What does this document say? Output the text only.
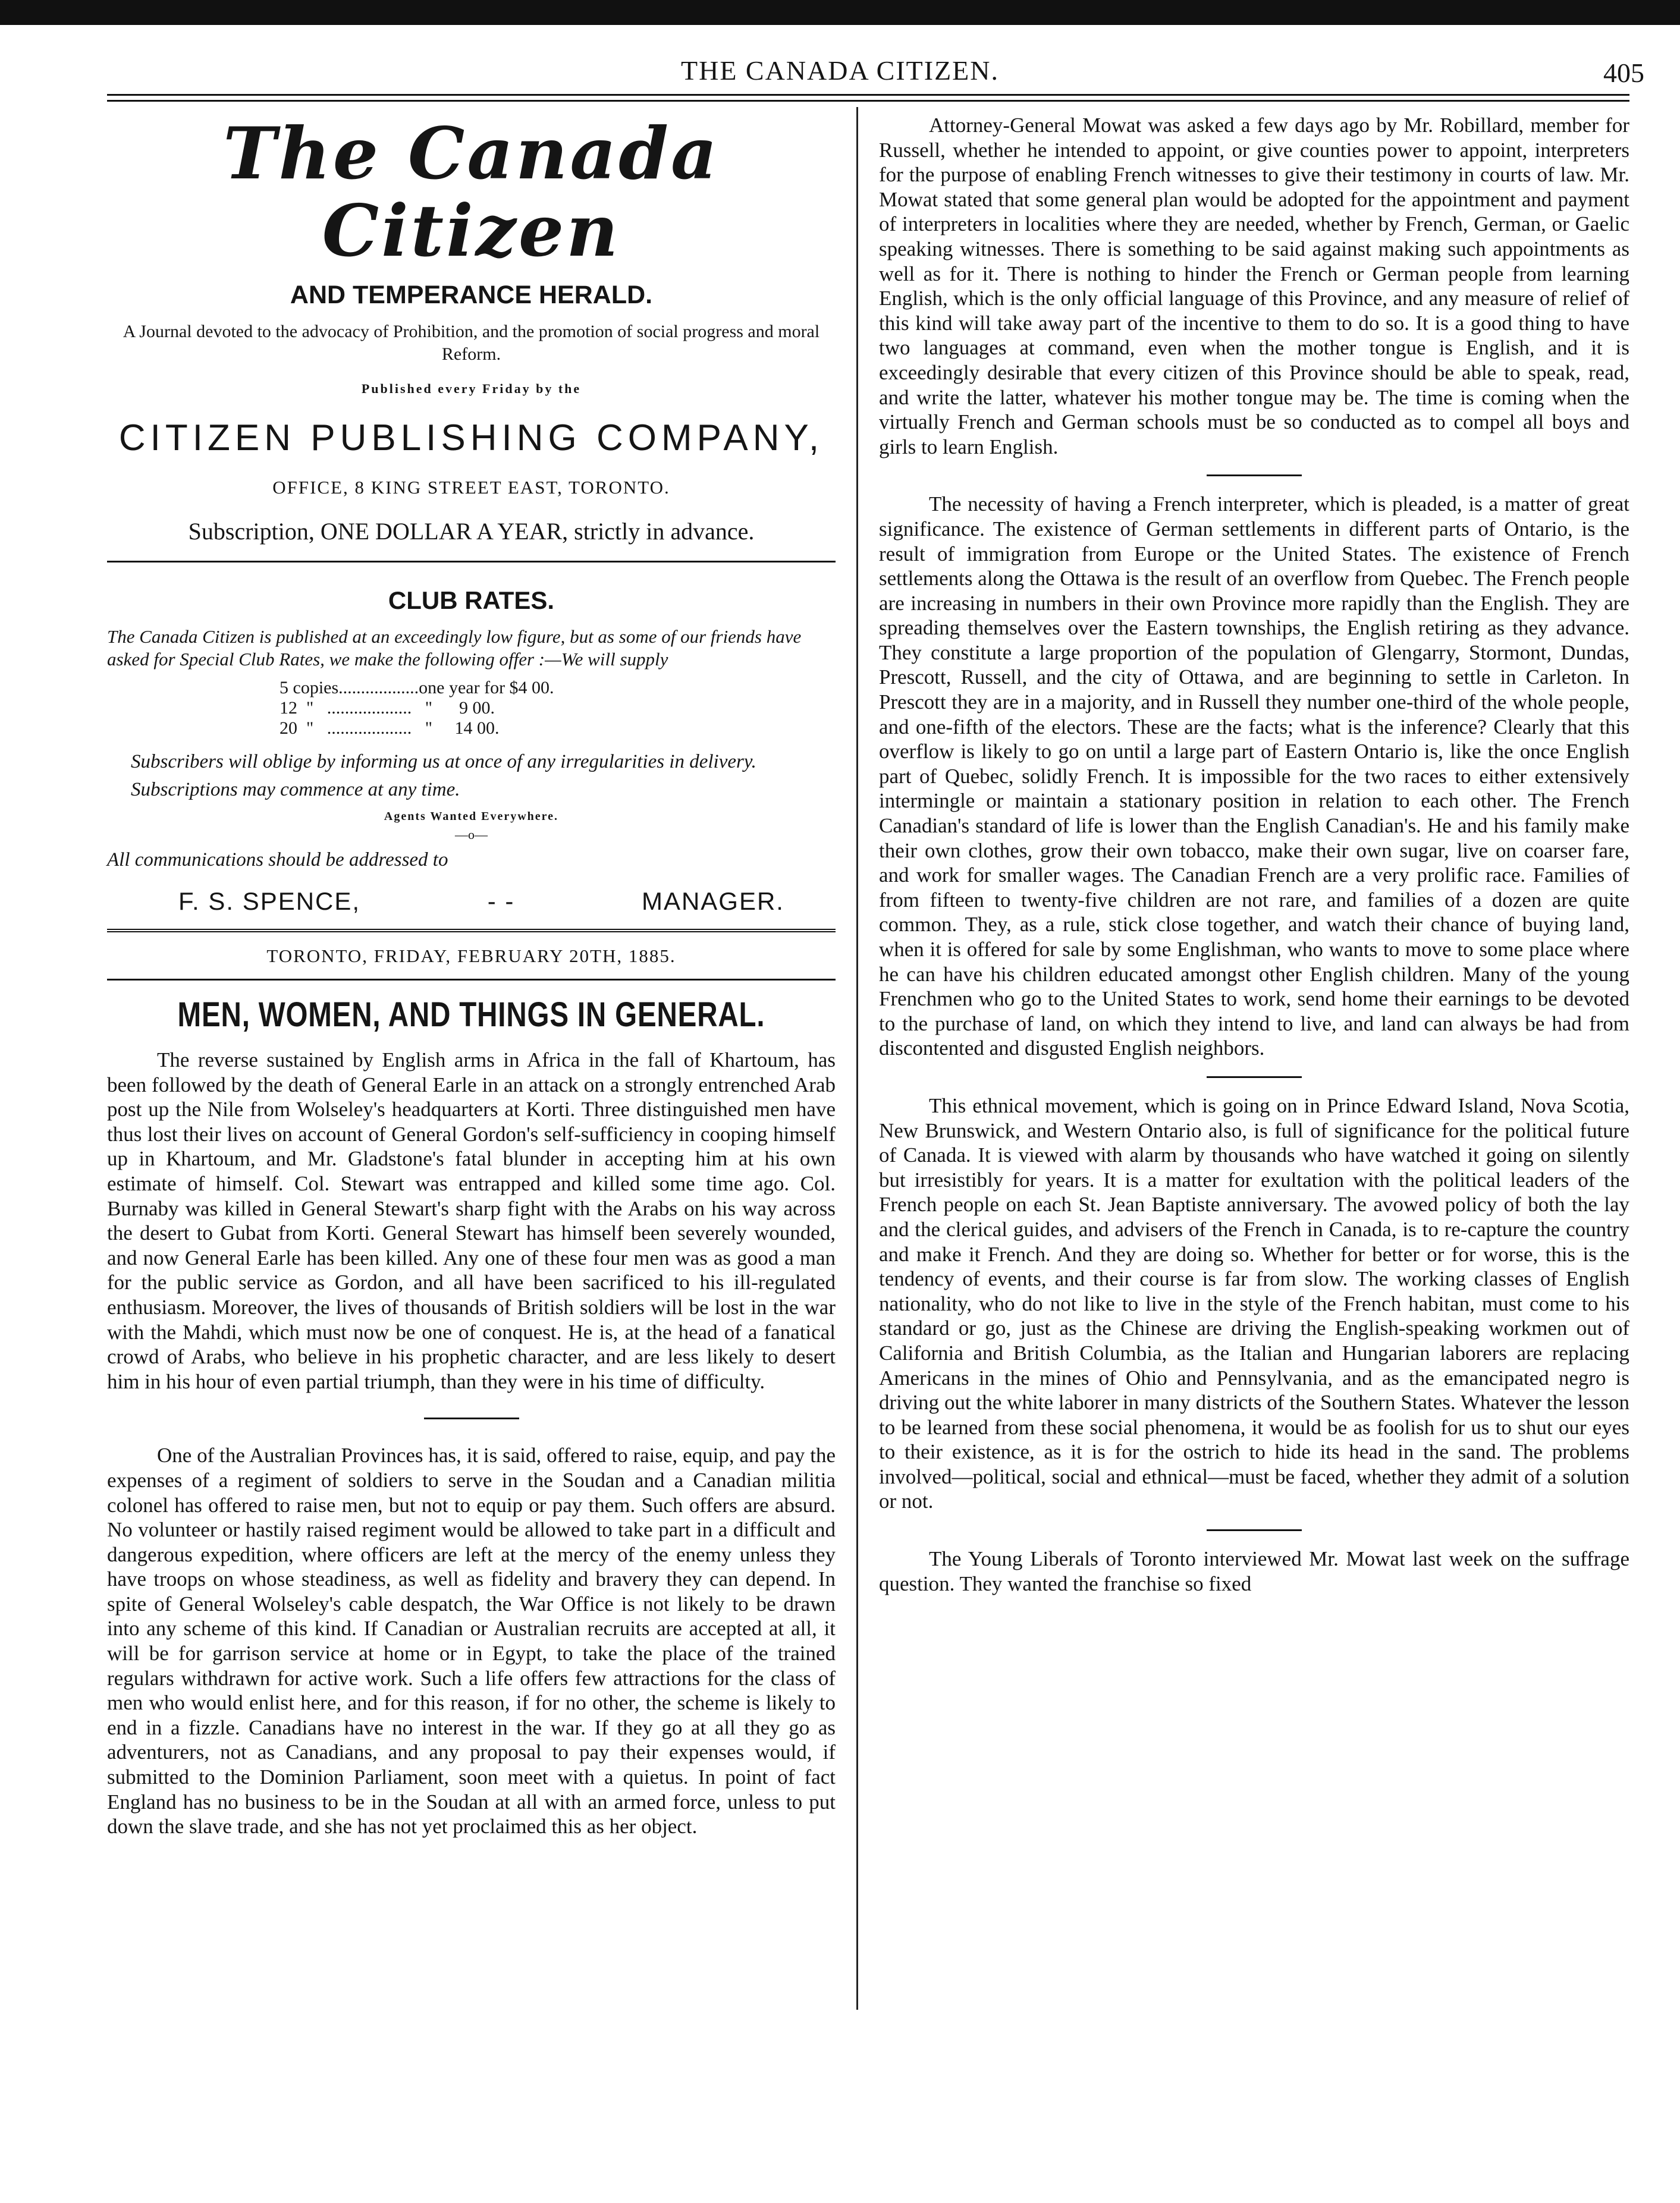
THE CANADA CITIZEN.	405
The Canada Citizen
AND TEMPERANCE HERALD.
A Journal devoted to the advocacy of Prohibition, and the promotion of social progress and moral Reform.
Published every Friday by the
CITIZEN PUBLISHING COMPANY,
OFFICE, 8 KING STREET EAST, TORONTO.
Subscription, ONE DOLLAR A YEAR, strictly in advance.
CLUB RATES.
The Canada Citizen is published at an exceedingly low figure, but as some of our friends have asked for Special Club Rates, we make the following offer :—We will supply
5 copies..................one year for $4 00.
12  "   ...................   "      9 00.
20  "   ...................   "     14 00.
Subscribers will oblige by informing us at once of any irregularities in delivery.
Subscriptions may commence at any time.
Agents Wanted Everywhere.
—o—
All communications should be addressed to
F. S. SPENCE,	- -	MANAGER.
TORONTO, FRIDAY, FEBRUARY 20TH, 1885.
MEN, WOMEN, AND THINGS IN GENERAL.

The reverse sustained by English arms in Africa in the fall of Khartoum, has been followed by the death of General Earle in an attack on a strongly entrenched Arab post up the Nile from Wolseley's headquarters at Korti. Three distinguished men have thus lost their lives on account of General Gordon's self-sufficiency in cooping himself up in Khartoum, and Mr. Gladstone's fatal blunder in accepting him at his own estimate of himself. Col. Stewart was entrapped and killed some time ago. Col. Burnaby was killed in General Stewart's sharp fight with the Arabs on his way across the desert to Gubat from Korti. General Stewart has himself been severely wounded, and now General Earle has been killed. Any one of these four men was as good a man for the public service as Gordon, and all have been sacrificed to his ill-regulated enthusiasm. Moreover, the lives of thousands of British soldiers will be lost in the war with the Mahdi, which must now be one of conquest. He is, at the head of a fanatical crowd of Arabs, who believe in his prophetic character, and are less likely to desert him in his hour of even partial triumph, than they were in his time of difficulty.

One of the Australian Provinces has, it is said, offered to raise, equip, and pay the expenses of a regiment of soldiers to serve in the Soudan and a Canadian militia colonel has offered to raise men, but not to equip or pay them. Such offers are absurd. No volunteer or hastily raised regiment would be allowed to take part in a difficult and dangerous expedition, where officers are left at the mercy of the enemy unless they have troops on whose steadiness, as well as fidelity and bravery they can depend. In spite of General Wolseley's cable despatch, the War Office is not likely to be drawn into any scheme of this kind. If Canadian or Australian recruits are accepted at all, it will be for garrison service at home or in Egypt, to take the place of the trained regulars withdrawn for active work. Such a life offers few attractions for the class of men who would enlist here, and for this reason, if for no other, the scheme is likely to end in a fizzle. Canadians have no interest in the war. If they go at all they go as adventurers, not as Canadians, and any proposal to pay their expenses would, if submitted to the Dominion Parliament, soon meet with a quietus. In point of fact England has no business to be in the Soudan at all with an armed force, unless to put down the slave trade, and she has not yet proclaimed this as her object.

Attorney-General Mowat was asked a few days ago by Mr. Robillard, member for Russell, whether he intended to appoint, or give counties power to appoint, interpreters for the purpose of enabling French witnesses to give their testimony in courts of law. Mr. Mowat stated that some general plan would be adopted for the appointment and payment of interpreters in localities where they are needed, whether by French, German, or Gaelic speaking witnesses. There is something to be said against making such appointments as well as for it. There is nothing to hinder the French or German people from learning English, which is the only official language of this Province, and any measure of relief of this kind will take away part of the incentive to them to do so. It is a good thing to have two languages at command, even when the mother tongue is English, and it is exceedingly desirable that every citizen of this Province should be able to speak, read, and write the latter, whatever his mother tongue may be. The time is coming when the virtually French and German schools must be so conducted as to compel all boys and girls to learn English.

The necessity of having a French interpreter, which is pleaded, is a matter of great significance. The existence of German settlements in different parts of Ontario, is the result of immigration from Europe or the United States. The existence of French settlements along the Ottawa is the result of an overflow from Quebec. The French people are increasing in numbers in their own Province more rapidly than the English. They are spreading themselves over the Eastern townships, the English retiring as they advance. They constitute a large proportion of the population of Glengarry, Stormont, Dundas, Prescott, Russell, and the city of Ottawa, and are beginning to settle in Carleton. In Prescott they are in a majority, and in Russell they number one-third of the whole people, and one-fifth of the electors. These are the facts; what is the inference? Clearly that this overflow is likely to go on until a large part of Eastern Ontario is, like the once English part of Quebec, solidly French. It is impossible for the two races to either extensively intermingle or maintain a stationary position in relation to each other. The French Canadian's standard of life is lower than the English Canadian's. He and his family make their own clothes, grow their own tobacco, make their own sugar, live on coarser fare, and work for smaller wages. The Canadian French are a very prolific race. Families of from fifteen to twenty-five children are not rare, and families of a dozen are quite common. They, as a rule, stick close together, and watch their chance of buying land, when it is offered for sale by some Englishman, who wants to move to some place where he can have his children educated amongst other English children. Many of the young Frenchmen who go to the United States to work, send home their earnings to be devoted to the purchase of land, on which they intend to live, and land can always be had from discontented and disgusted English neighbors.

This ethnical movement, which is going on in Prince Edward Island, Nova Scotia, New Brunswick, and Western Ontario also, is full of significance for the political future of Canada. It is viewed with alarm by thousands who have watched it going on silently but irresistibly for years. It is a matter for exultation with the political leaders of the French people on each St. Jean Baptiste anniversary. The avowed policy of both the lay and the clerical guides, and advisers of the French in Canada, is to re-capture the country and make it French. And they are doing so. Whether for better or for worse, this is the tendency of events, and their course is far from slow. The working classes of English nationality, who do not like to live in the style of the French habitan, must come to his standard or go, just as the Chinese are driving the English-speaking workmen out of California and British Columbia, as the Italian and Hungarian laborers are replacing Americans in the mines of Ohio and Pennsylvania, and as the emancipated negro is driving out the white laborer in many districts of the Southern States. Whatever the lesson to be learned from these social phenomena, it would be as foolish for us to shut our eyes to their existence, as it is for the ostrich to hide its head in the sand. The problems involved—political, social and ethnical—must be faced, whether they admit of a solution or not.

The Young Liberals of Toronto interviewed Mr. Mowat last week on the suffrage question. They wanted the franchise so fixed
